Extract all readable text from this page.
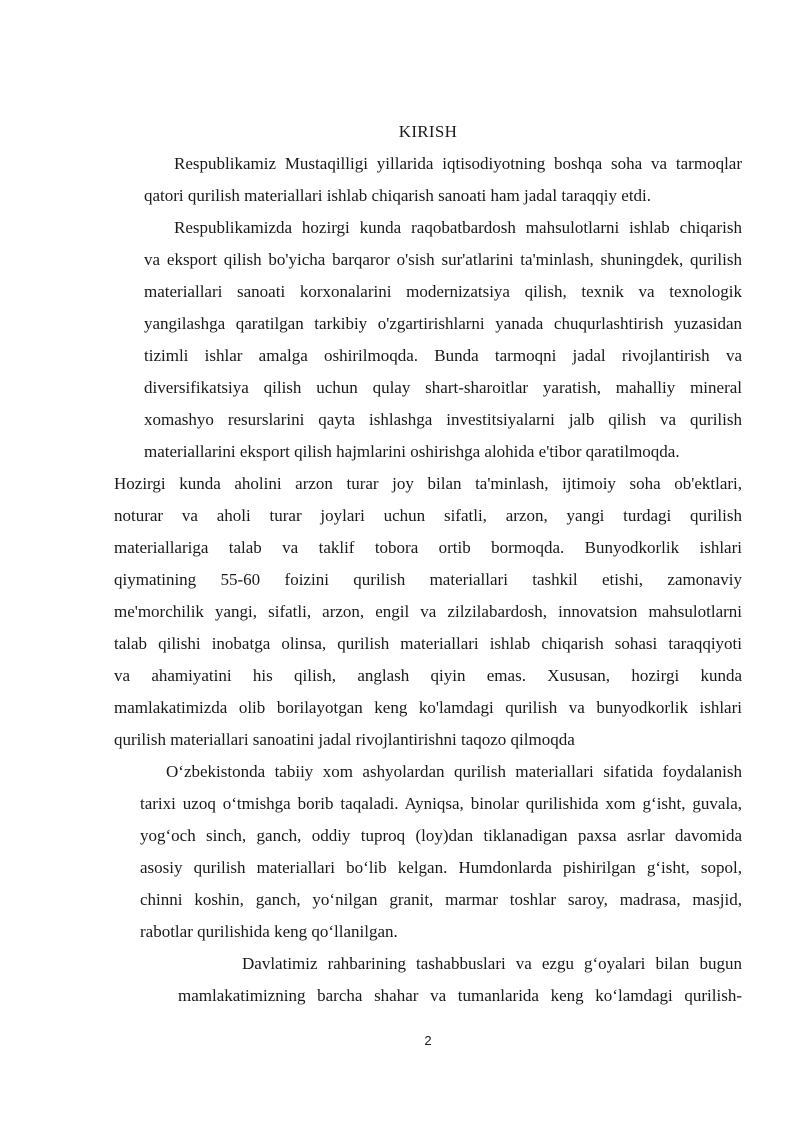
KIRISH

Respublikamiz Mustaqilligi yillarida iqtisodiyotning boshqa soha va tarmoqlar
qatori qurilish materiallari ishlab chiqarish sanoati ham jadal taraqqiy etdi.

Respublikamizda hozirgi kunda raqobatbardosh mahsulotlarni ishlab chiqarish
va eksport qilish bo'yicha barqaror o'sish sur'atlarini ta'minlash, shuningdek, qurilish
materiallari sanoati korxonalarini modernizatsiya qilish, texnik va texnologik
yangilashga qaratilgan tarkibiy o'zgartirishlarni yanada chuqurlashtirish yuzasidan
tizimli ishlar amalga oshirilmoqda. Bunda tarmoqni jadal rivojlantirish va
diversifikatsiya qilish uchun qulay shart-sharoitlar yaratish, mahalliy mineral
xomashyo resurslarini qayta ishlashga investitsiyalarni jalb qilish va qurilish
materiallarini eksport qilish hajmlarini oshirishga alohida e'tibor qaratilmoqda.

Hozirgi kunda aholini arzon turar joy bilan ta'minlash, ijtimoiy soha ob'ektlari,
noturar va aholi turar joylari uchun sifatli, arzon, yangi turdagi qurilish
materiallariga talab va taklif tobora ortib bormoqda. Bunyodkorlik ishlari
qiymatining 55-60 foizini qurilish materiallari tashkil etishi, zamonaviy
me'morchilik yangi, sifatli, arzon, engil va zilzilabardosh, innovatsion mahsulotlarni
talab qilishi inobatga olinsa, qurilish materiallari ishlab chiqarish sohasi taraqqiyoti
va ahamiyatini his qilish, anglash qiyin emas. Xususan, hozirgi kunda
mamlakatimizda olib borilayotgan keng ko'lamdagi qurilish va bunyodkorlik ishlari
qurilish materiallari sanoatini jadal rivojlantirishni taqozo qilmoqda

O‘zbekistonda tabiiy xom ashyolardan qurilish materiallari sifatida foydalanish
tarixi uzoq o‘tmishga borib taqaladi. Ayniqsa, binolar qurilishida xom g‘isht, guvala,
yog‘och sinch, ganch, oddiy tuproq (loy)dan tiklanadigan paxsa asrlar davomida
asosiy qurilish materiallari bo‘lib kelgan. Humdonlarda pishirilgan g‘isht, sopol,
chinni koshin, ganch, yo‘nilgan granit, marmar toshlar saroy, madrasa, masjid,
rabotlar qurilishida keng qo‘llanilgan.

Davlatimiz rahbarining tashabbuslari va ezgu g‘oyalari bilan bugun
mamlakatimizning barcha shahar va tumanlarida keng ko‘lamdagi qurilish-

2
